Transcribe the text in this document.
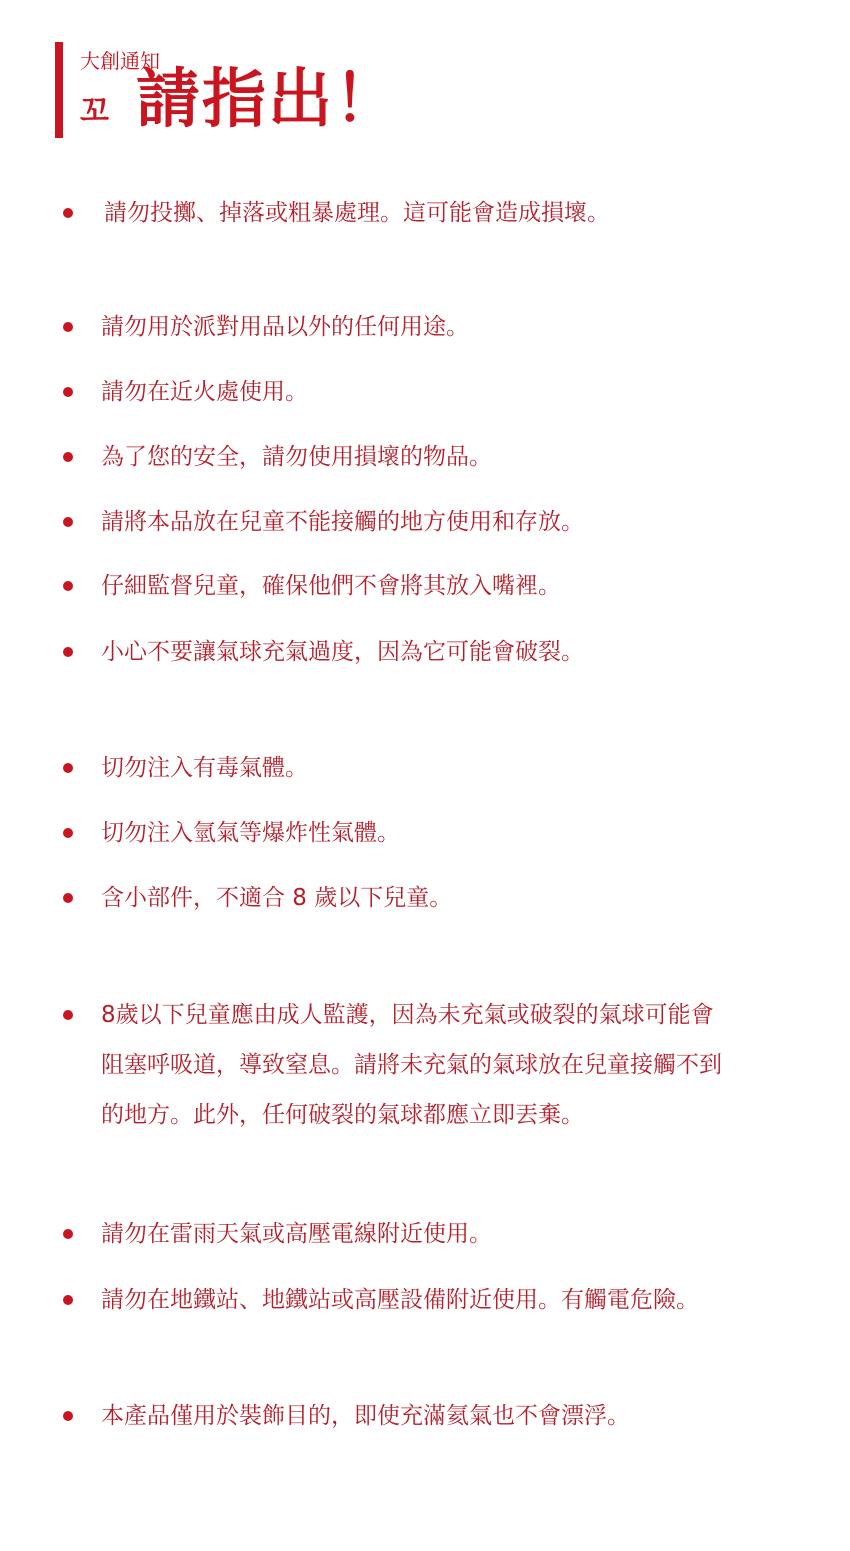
大創通知
꼬 請指出！
請勿投擲、掉落或粗暴處理。這可能會造成損壞。
請勿用於派對用品以外的任何用途。
請勿在近火處使用。
為了您的安全，請勿使用損壞的物品。
請將本品放在兒童不能接觸的地方使用和存放。
仔細監督兒童，確保他們不會將其放入嘴裡。
小心不要讓氣球充氣過度，因為它可能會破裂。
切勿注入有毒氣體。
切勿注入氫氣等爆炸性氣體。
含小部件，不適合 8 歲以下兒童。
8歲以下兒童應由成人監護，因為未充氣或破裂的氣球可能會阻塞呼吸道，導致窒息。請將未充氣的氣球放在兒童接觸不到的地方。此外，任何破裂的氣球都應立即丟棄。
請勿在雷雨天氣或高壓電線附近使用。
請勿在地鐵站、地鐵站或高壓設備附近使用。有觸電危險。
本產品僅用於裝飾目的，即使充滿氦氣也不會漂浮。
